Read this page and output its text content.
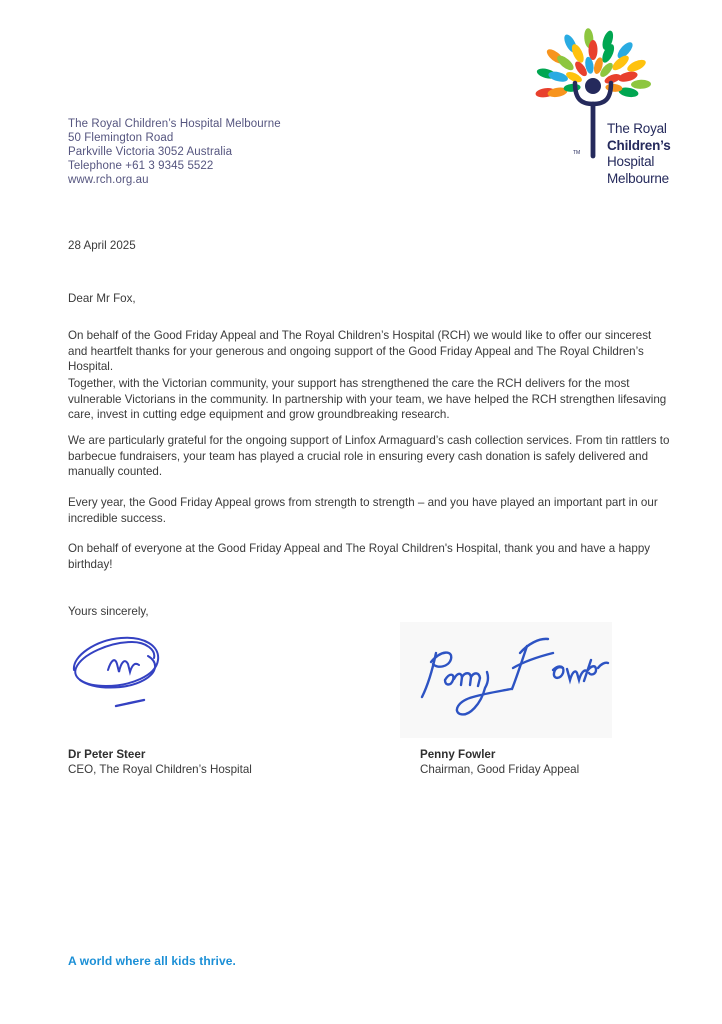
The Royal Children’s Hospital Melbourne
50 Flemington Road
Parkville Victoria 3052 Australia
Telephone +61 3 9345 5522
www.rch.org.au
TM
The Royal
Children’s
Hospital
Melbourne
28 April 2025
Dear Mr Fox,
On behalf of the Good Friday Appeal and The Royal Children’s Hospital (RCH) we would like to offer our sincerest and heartfelt thanks for your generous and ongoing support of the Good Friday Appeal and The Royal Children’s Hospital.
Together, with the Victorian community, your support has strengthened the care the RCH delivers for the most vulnerable Victorians in the community. In partnership with your team, we have helped the RCH strengthen lifesaving care, invest in cutting edge equipment and grow groundbreaking research.
We are particularly grateful for the ongoing support of Linfox Armaguard’s cash collection services. From tin rattlers to barbecue fundraisers, your team has played a crucial role in ensuring every cash donation is safely delivered and manually counted.
Every year, the Good Friday Appeal grows from strength to strength – and you have played an important part in our incredible success.
On behalf of everyone at the Good Friday Appeal and The Royal Children's Hospital, thank you and have a happy birthday!
Yours sincerely,
Dr Peter Steer
CEO, The Royal Children’s Hospital
Penny Fowler
Chairman, Good Friday Appeal
A world where all kids thrive.
